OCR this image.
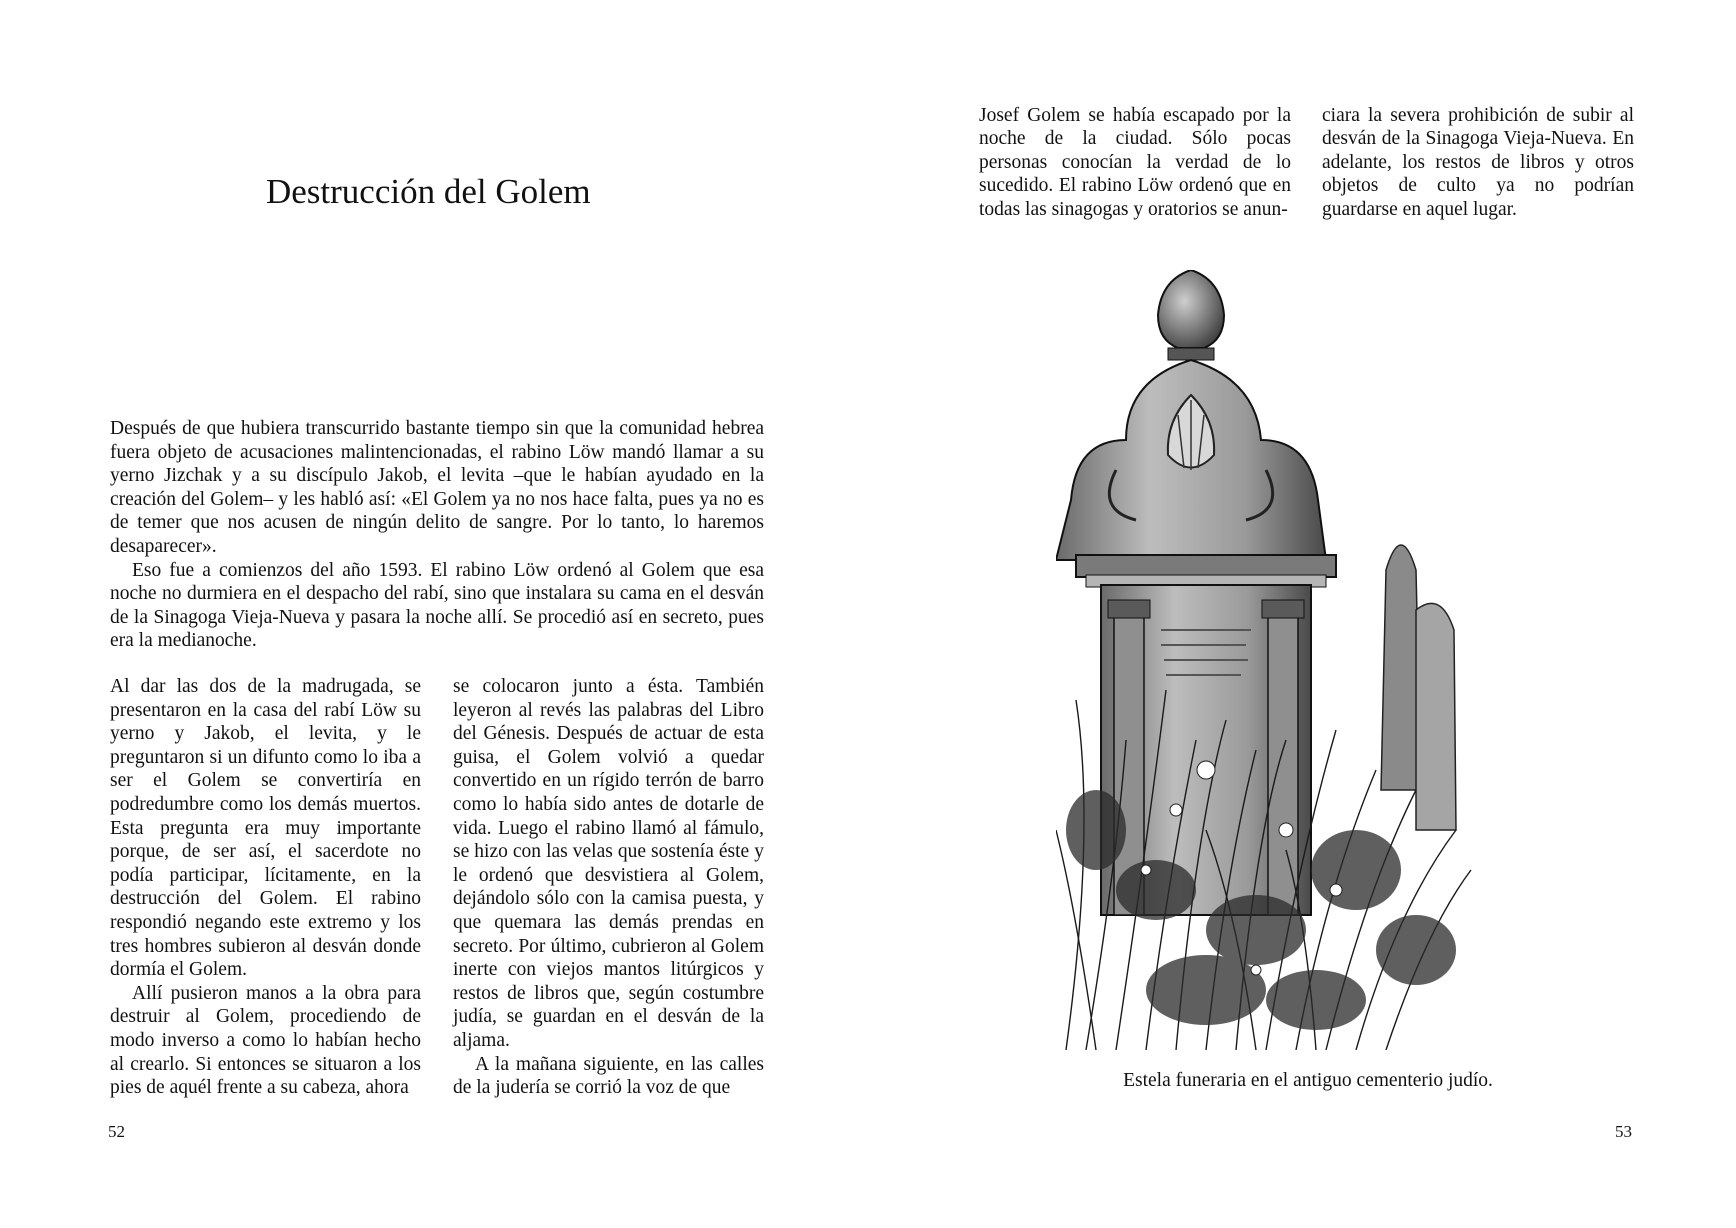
Destrucción del Golem

Después de que hubiera transcurrido bastante tiempo sin que la comunidad hebrea fuera objeto de acusaciones malintencionadas, el rabino Löw mandó llamar a su yerno Jizchak y a su discípulo Jakob, el levita –que le habían ayudado en la creación del Golem– y les habló así: «El Golem ya no nos hace falta, pues ya no es de temer que nos acusen de ningún delito de sangre. Por lo tanto, lo haremos desaparecer».

Eso fue a comienzos del año 1593. El rabino Löw ordenó al Golem que esa noche no durmiera en el despacho del rabí, sino que instalara su cama en el desván de la Sinagoga Vieja-Nueva y pasara la noche allí. Se procedió así en secreto, pues era la medianoche.

Al dar las dos de la madrugada, se presentaron en la casa del rabí Löw su yerno y Jakob, el levita, y le preguntaron si un difunto como lo iba a ser el Golem se convertiría en podredumbre como los demás muertos. Esta pregunta era muy importante porque, de ser así, el sacerdote no podía participar, lícitamente, en la destrucción del Golem. El rabino respondió negando este extremo y los tres hombres subieron al desván donde dormía el Golem.

Allí pusieron manos a la obra para destruir al Golem, procediendo de modo inverso a como lo habían hecho al crearlo. Si entonces se situaron a los pies de aquél frente a su cabeza, ahora

se colocaron junto a ésta. También leyeron al revés las palabras del Libro del Génesis. Después de actuar de esta guisa, el Golem volvió a quedar convertido en un rígido terrón de barro como lo había sido antes de dotarle de vida. Luego el rabino llamó al fámulo, se hizo con las velas que sostenía éste y le ordenó que desvistiera al Golem, dejándolo sólo con la camisa puesta, y que quemara las demás prendas en secreto. Por último, cubrieron al Golem inerte con viejos mantos litúrgicos y restos de libros que, según costumbre judía, se guardan en el desván de la aljama.

A la mañana siguiente, en las calles de la judería se corrió la voz de que

52

Josef Golem se había escapado por la noche de la ciudad. Sólo pocas personas conocían la verdad de lo sucedido. El rabino Löw ordenó que en todas las sinagogas y oratorios se anun-

ciara la severa prohibición de subir al desván de la Sinagoga Vieja-Nueva. En adelante, los restos de libros y otros objetos de culto ya no podrían guardarse en aquel lugar.

Estela funeraria en el antiguo cementerio judío.
53
